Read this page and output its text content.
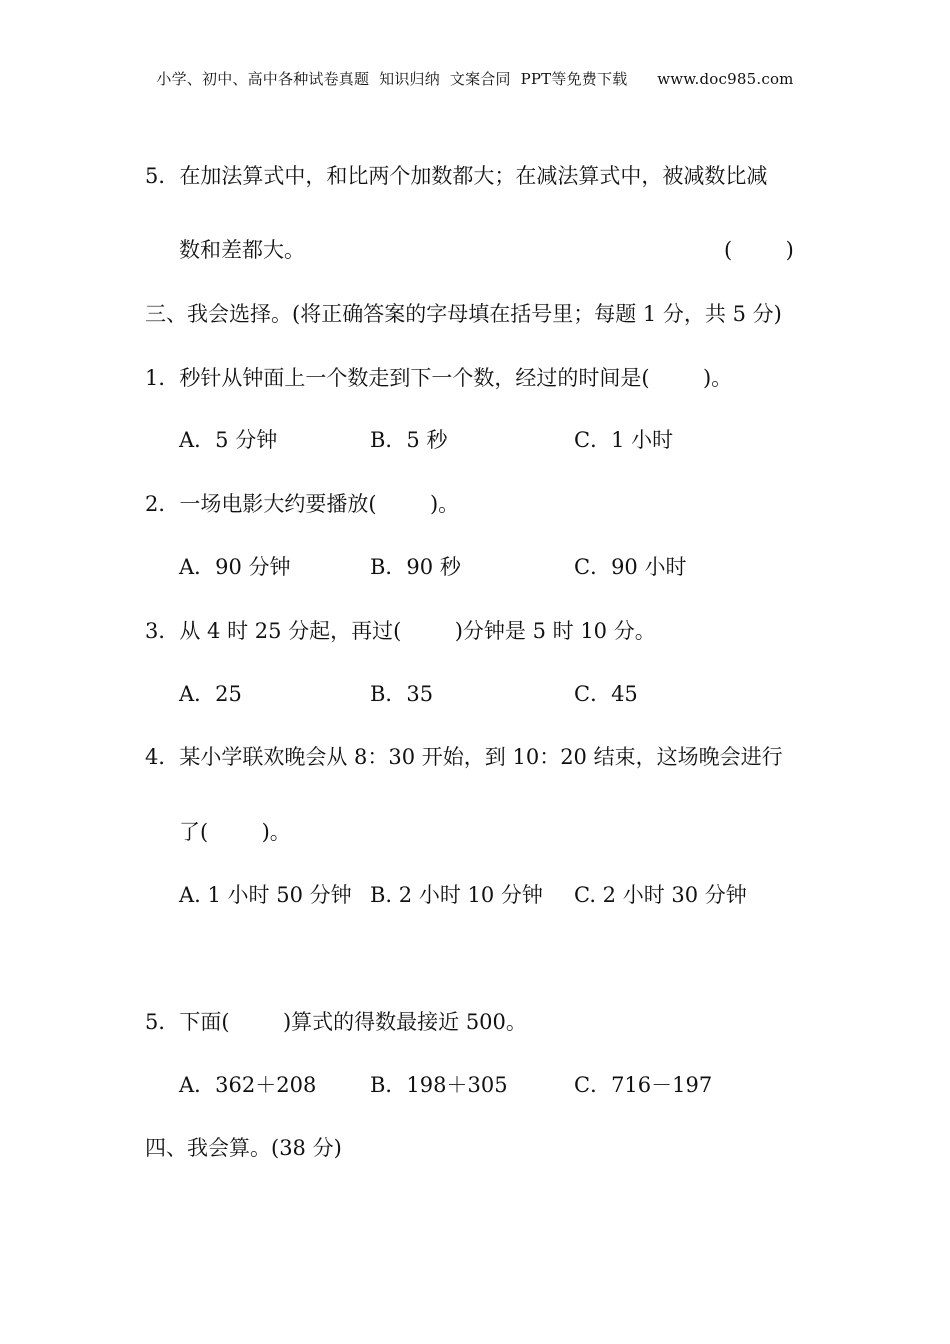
小学、初中、高中各种试卷真题  知识归纳  文案合同  PPT等免费下载      www.doc985.com
5．在加法算式中，和比两个加数都大；在减法算式中，被减数比减
数和差都大。	(        )
三、我会选择。(将正确答案的字母填在括号里；每题 1 分，共 5 分)
1．秒针从钟面上一个数走到下一个数，经过的时间是(        )。
A．5 分钟	B．5 秒	C．1 小时
2．一场电影大约要播放(        )。
A．90 分钟	B．90 秒	C．90 小时
3．从 4 时 25 分起，再过(        )分钟是 5 时 10 分。
A．25	B．35	C．45
4．某小学联欢晚会从 8：30 开始，到 10：20 结束，这场晚会进行
了(        )。
A. 1 小时 50 分钟 B. 2 小时 10 分钟 C. 2 小时 30 分钟
5．下面(        )算式的得数最接近 500。
A．362＋208	B．198＋305	C．716－197
四、我会算。(38 分)
